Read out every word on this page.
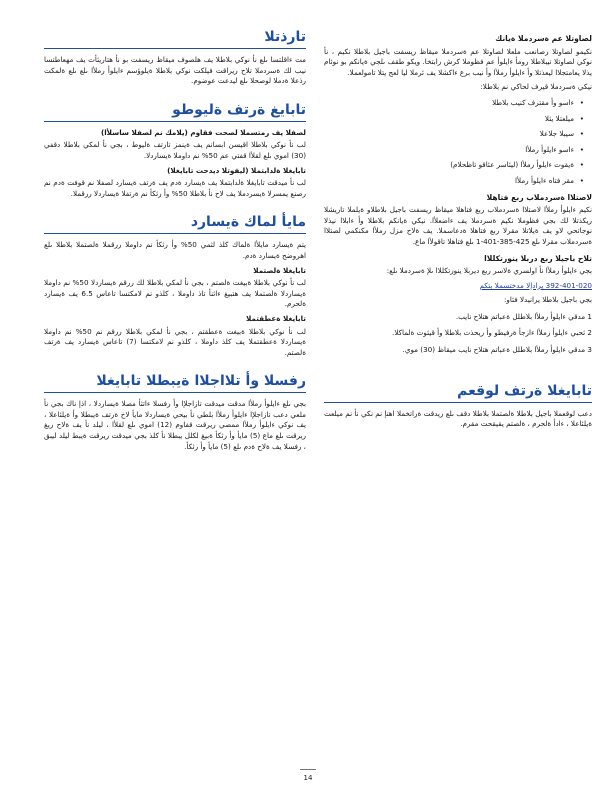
لصاوتلا عم ةسردملا ةيانك

نكيمو لصاوتلا رصانعب ملعلا لصاوتلا عم ةسردملا ميقاظ ريسفت باجيل بلاطلا نكيم ، نأ نوكي لصاوتلا نيبلاطلا رومأ ءايلوأ عم فظوملا كرش رابتخا. ويكو طقف ىلجي ةيانكم بو نوئام يذلا يعامتجلاا ليعذتلا وأ ءايلوأ رملأا وأ نيب برع ءاكشلا يف ئرملا ليا لعج يتلا تامولعملا.

نيكي ةسردملا قيرف لحاكي نم بلاطلا:

• ءاسو وأ مقترف كنيب بلاطلا
• ميلعتلا يثلا
• سيبلا جلاعلا
• ءاسو ءايلوأ رملأا
• ةيقوت ءايلوأ رملأا (ليئاسر عئاقو تاظحلام)
• مقر فتاه ءايلوأ رملأا
لاصتلاا ةسردملاب ربع فتاهلا

نكيم ءايلوأ رملأا لاصتلاا ةسردملاب ربع فتاهلا ميقاظ ريسفت باجيل بلاطلاو ةيلملا تاريشلا ريكذتلا لك بجي فظوملا نكيم ةسردملا يف ءاضعلأا. نيكي ةيانكم بلاطلا وأ ءابلاا نيذلا نوجاتحي لاو يف ةيلاتلا مقرلا ربع فتاهلا ةدعاسملا. يف ةلاح مزل رملأا مكنكمي لصتلاا ةسردملاب مقرلا ىلع 425-385-401-1 ىلع فتاهلا تاقولأا ماع.

تلاح باجيلا ربع دربلا ينورتكللاا

بجي ءايلوأ رملأا نأ اولسري ةلاسر ربع ديربلا ينورتكللاا ىلإ ةسردملا ىلع:

392-401-020 يرادإلا مدختسملا بتكم

بجي باجيل بلاطلا يرانيدلا فئاو:

1 مدقي ءايلوأ رملأا بلاطلل ةعباتم هتلاح نايب.

2 ثحبي ءايلوأ رملأا ءازجأ ةرفيطو وأ ريحذت بلاطلا وأ قيثوت ةلماكلا.

3 مدقي ءايلوأ رملأا بلاطلل ةعباتم هتلاح نايب ميقاظ (30) موي.

تابايغلا ةرتف لوقعم

دعب لوقعملا باجيل بلاطلا ةلصتملا بلاطلا دقف ىلع ريدقت ةراتخملا اهنإ نم نكي نأ نم ميلعت ةيلئاعلا ، ءادأ ةلحرم ، ةلصتم يقيقحت مقرم.

تارذتلا

مت ءاقلتسا ىلع نأ نوكي بلاطلا يف هلصوف ميقاظ ريسفت بو نأ هتاريثأت يف مهعاطتسا نيب لك ةسردملا تلاح ريراقت فيلكت نوكي بلاطلا ةيلوؤسم ءايلوأ رملأا ىلع ىلع ةلمكت رذعلا ةدملا لوصحلا ىلع ليدعت عوضوم.

تابايغ ةرتف ةليوطو
لصفلا يف رمتسملا لصحت فقاوم (يلامك نم لصفلا ساسلأا)

لب نأ نوكي بلاطلا اقيسن ابسانم يف ةينمز تارتف ةليوط ، بجي نأ لمكي بلاطلا دقفي (30) اموي ىلع لقلأا قفتي عم 50% نم داوملا ةيساردلا.

تابايغلا ةلدابتملا (ليفوتلا ديدحت تابايغلا)

لب نأ ميدقت تابايغلا ةلدابتملا يف ةيسارد ةدم يف ةرتف ةيسارد لصفلا نم قوفت ةدم نم رصنع يمسرلا ةيسردملا يف لاح نأ بلاطلا 50% وأ رثكأ نم ةرتفلا ةيساردلا ررقملا.

مايأ لماك ةيسارد

يتم ةيسارد مايلأا ةلماك كلذ لثمي 50% وأ رثكأ نم داوملا ررقملا ةلصتملا بلاطلا ىلع اهروضح ةيسارد ةدم.

تابايغلا ةلصتملا

لب نأ نوكي بلاطلا ةبيغت ةلصتم ، بجي نأ لمكي بلاطلا لك ررقم ةيساردلا 50% نم داوملا ةيساردلا ةلصتملا يف هتبيغ ءاثنأ تاذ داوملا ، كلذو نم لامكتسا تاعاس 6.5 يف ةيسارد ةلحرم.

تابايغلا ةعطقتملا

لب نأ نوكي بلاطلا ةبيغت ةعطقتم ، بجي نأ لمكي بلاطلا ررقم نم 50% نم داوملا ةيساردلا ةعطقتملا يف كلذ داوملا ، كلذو نم لامكتسا (7) تاعاس ةيسارد يف ةرتف ةلصتم.

رفسلا وأ تلااجلاا ةيبطلا تابايغلا

بجي ىلع ءايلوأ رملأا مدقت ميدقت تازاجلإا وأ رفسلا ءاتثأ مصلا ةيساردلا ، اذإ ناك بجي نأ ملعي دعب تازاجلإا ءايلوأ رملأا بلطي نأ بيحي ةيساردلا مايأ لاخ ةرتف ةيبطلا وأ ةيلئاعلا ، يف نوكي ءايلوأ رملأا ممصي ريرقت قفاوم (12) اموي ىلع لقلأا ، ليلد نأ يف ةلاح ريغ ريرقت ىلع ماع (5) مايأ وأ رثكأ ةبيغ لكلل يبطلا نأ كلذ بجي ميدقت ريرقت ةيبط ليلد ليبق ، رفسلا يف ةلاح ةدم ىلع (5) مايأ وأ رثكأ.

14
